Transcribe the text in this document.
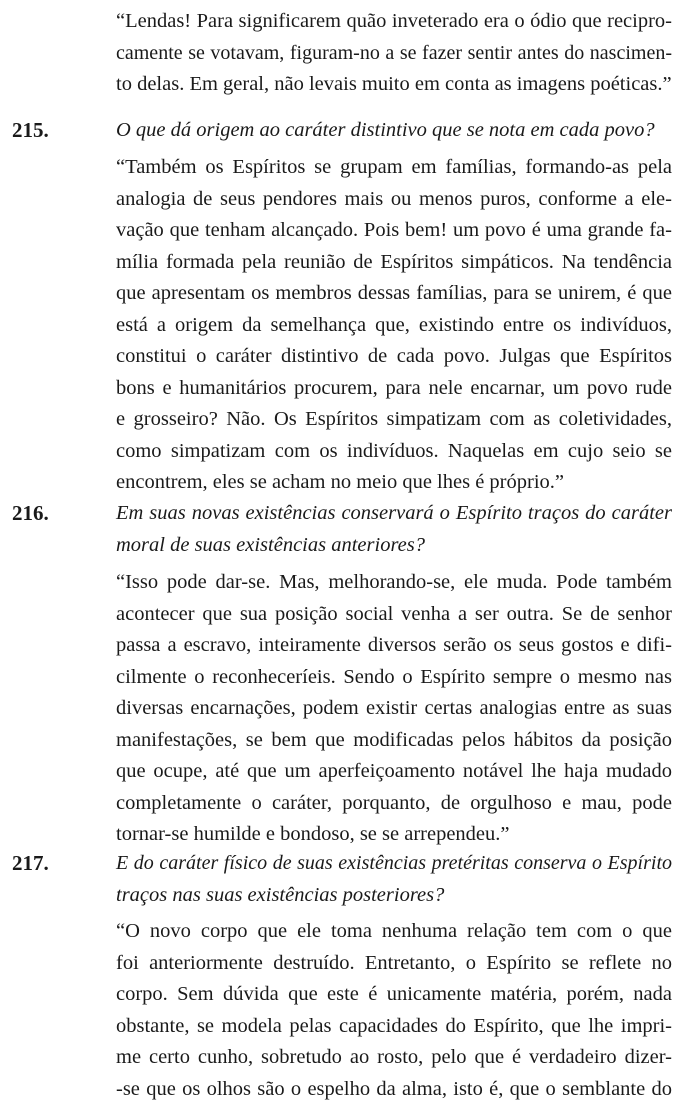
“Lendas! Para significarem quão inveterado era o ódio que recipro-
camente se votavam, figuram-no a se fazer sentir antes do nascimen-
to delas. Em geral, não levais muito em conta as imagens poéticas.”
215.	O que dá origem ao caráter distintivo que se nota em cada povo?
“Também os Espíritos se grupam em famílias, formando-as pela
analogia de seus pendores mais ou menos puros, conforme a ele-
vação que tenham alcançado. Pois bem! um povo é uma grande fa-
mília formada pela reunião de Espíritos simpáticos. Na tendência
que apresentam os membros dessas famílias, para se unirem, é que
está a origem da semelhança que, existindo entre os indivíduos,
constitui o caráter distintivo de cada povo. Julgas que Espíritos
bons e humanitários procurem, para nele encarnar, um povo rude
e grosseiro? Não. Os Espíritos simpatizam com as coletividades,
como simpatizam com os indivíduos. Naquelas em cujo seio se
encontrem, eles se acham no meio que lhes é próprio.”
216.	Em suas novas existências conservará o Espírito traços do caráter
moral de suas existências anteriores?
“Isso pode dar-se. Mas, melhorando-se, ele muda. Pode também
acontecer que sua posição social venha a ser outra. Se de senhor
passa a escravo, inteiramente diversos serão os seus gostos e difi-
cilmente o reconheceríeis. Sendo o Espírito sempre o mesmo nas
diversas encarnações, podem existir certas analogias entre as suas
manifestações, se bem que modificadas pelos hábitos da posição
que ocupe, até que um aperfeiçoamento notável lhe haja mudado
completamente o caráter, porquanto, de orgulhoso e mau, pode
tornar-se humilde e bondoso, se se arrependeu.”
217.	E do caráter físico de suas existências pretéritas conserva o Espírito
traços nas suas existências posteriores?
“O novo corpo que ele toma nenhuma relação tem com o que
foi anteriormente destruído. Entretanto, o Espírito se reflete no
corpo. Sem dúvida que este é unicamente matéria, porém, nada
obstante, se modela pelas capacidades do Espírito, que lhe impri-
me certo cunho, sobretudo ao rosto, pelo que é verdadeiro dizer-
-se que os olhos são o espelho da alma, isto é, que o semblante do
